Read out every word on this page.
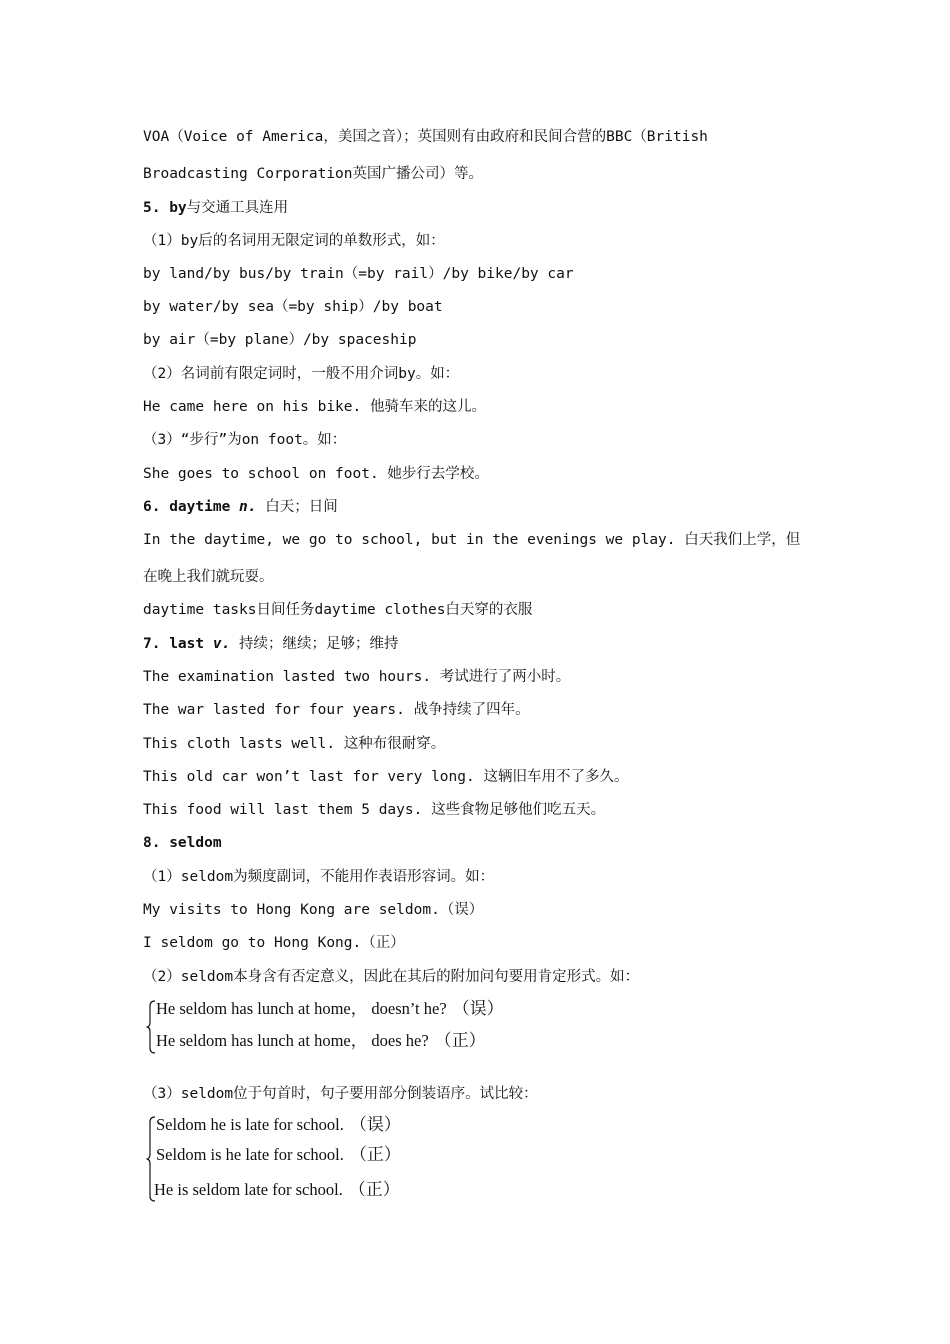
VOA（Voice of America，美国之音）；英国则有由政府和民间合营的BBC（British
Broadcasting Corporation英国广播公司）等。
5. by与交通工具连用
（1）by后的名词用无限定词的单数形式，如：
by land/by bus/by train（=by rail）/by bike/by car
by water/by sea（=by ship）/by boat
by air（=by plane）/by spaceship
（2）名词前有限定词时，一般不用介词by。如：
He came here on his bike. 他骑车来的这儿。
（3）“步行”为on foot。如：
She goes to school on foot. 她步行去学校。
6. daytime n. 白天；日间
In the daytime, we go to school, but in the evenings we play. 白天我们上学，但
在晚上我们就玩耍。
daytime tasks日间任务daytime clothes白天穿的衣服
7. last v. 持续；继续；足够；维持
The examination lasted two hours. 考试进行了两小时。
The war lasted for four years. 战争持续了四年。
This cloth lasts well. 这种布很耐穿。
This old car won’t last for very long. 这辆旧车用不了多久。
This food will last them 5 days. 这些食物足够他们吃五天。
8. seldom
（1）seldom为频度副词，不能用作表语形容词。如：
My visits to Hong Kong are seldom.（误）
I seldom go to Hong Kong.（正）
（2）seldom本身含有否定意义，因此在其后的附加问句要用肯定形式。如：
He seldom has lunch at home， doesn’t he? （误）
He seldom has lunch at home， does he? （正）
（3）seldom位于句首时，句子要用部分倒装语序。试比较：
Seldom he is late for school. （误）
Seldom is he late for school. （正）
He is seldom late for school. （正）
